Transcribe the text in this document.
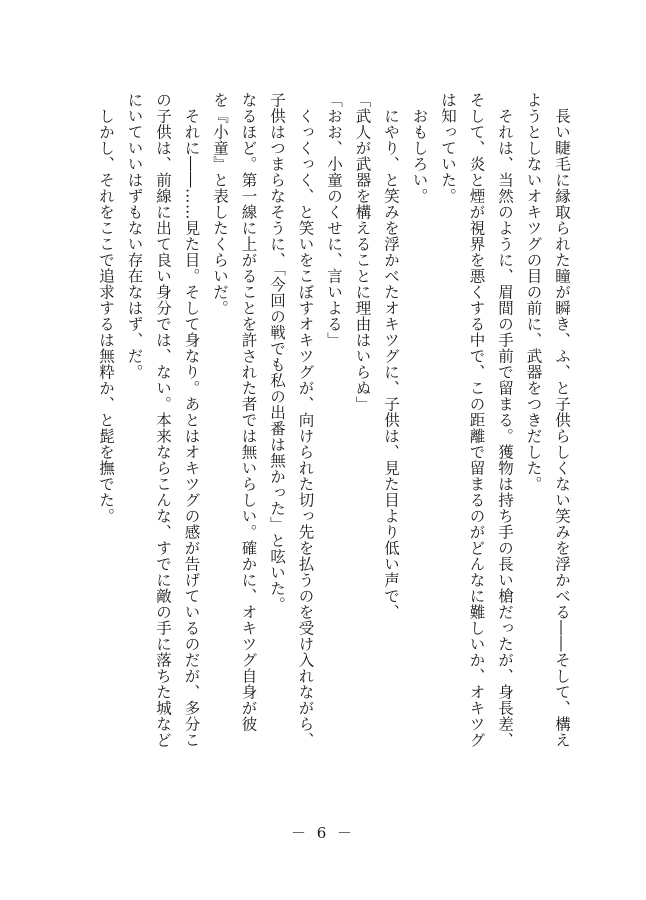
　長い睫毛に縁取られた瞳が瞬き、ふ、と子供らしくない笑みを浮かべる――そして、構え
ようとしないオキツグの目の前に、武器をつきだした。
　それは、当然のように、眉間の手前で留まる。獲物は持ち手の長い槍だったが、身長差、
そして、炎と煙が視界を悪くする中で、この距離で留まるのがどんなに難しいか、オキツグ
は知っていた。
　おもしろい。
　にやり、と笑みを浮かべたオキツグに、子供は、見た目より低い声で、
「武人が武器を構えることに理由はいらぬ」
「おお、小童のくせに、言いよる」
　くっくっく、と笑いをこぼすオキツグが、向けられた切っ先を払うのを受け入れながら、
子供はつまらなそうに、「今回の戦でも私の出番は無かった」と呟いた。
なるほど。第一線に上がることを許された者では無いらしい。確かに、オキツグ自身が彼
を『小童』と表したくらいだ。
　それに――……見た目。そして身なり。あとはオキツグの感が告げているのだが、多分こ
の子供は、前線に出て良い身分では、ない。本来ならこんな、すでに敵の手に落ちた城など
にいていいはずもない存在なはず、だ。
　しかし、それをここで追求するは無粋か、と髭を撫でた。
－ 6 －
